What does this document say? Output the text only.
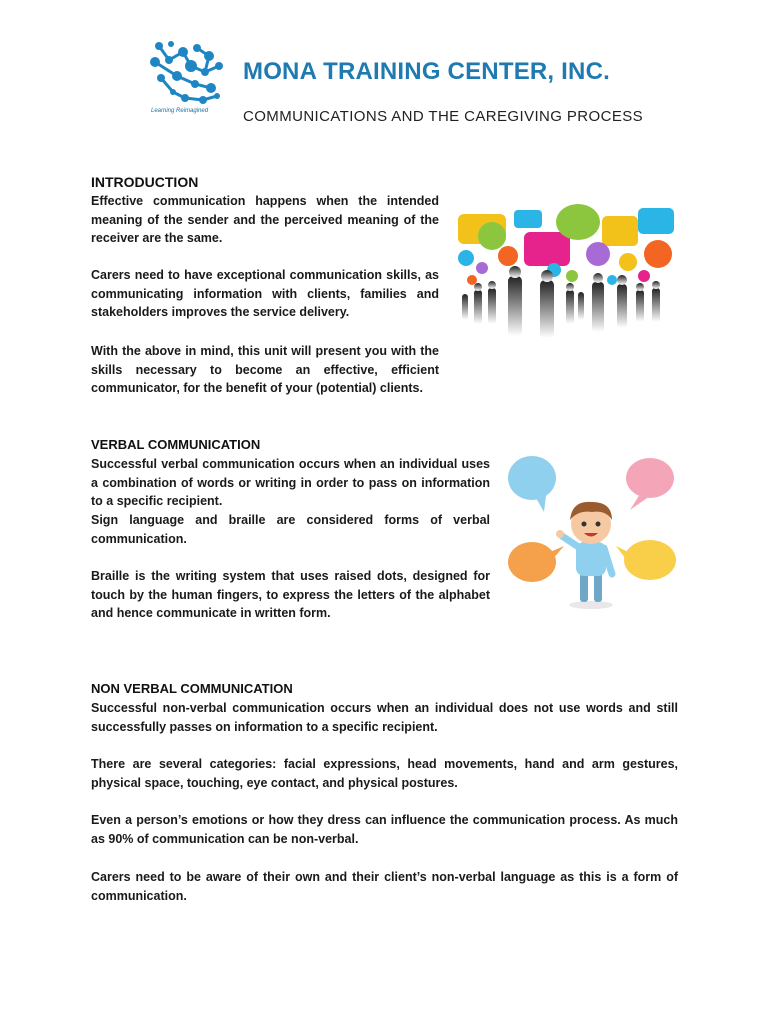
Learning Reimagined
MONA TRAINING CENTER, INC.
COMMUNICATIONS AND THE CAREGIVING PROCESS
INTRODUCTION

Effective communication happens when the intended meaning of the sender and the perceived meaning of the receiver are the same.

Carers need to have exceptional communication skills, as communicating information with clients, families and stakeholders improves the service delivery.

With the above in mind, this unit will present you with the skills necessary to become an effective, efficient communicator, for the benefit of your (potential) clients.

VERBAL COMMUNICATION

Successful verbal communication occurs when an individual uses a combination of words or writing in order to pass on information to a specific recipient.

Sign language and braille are considered forms of verbal communication.

Braille is the writing system that uses raised dots, designed for touch by the human fingers, to express the letters of the alphabet and hence communicate in written form.

NON VERBAL COMMUNICATION

Successful non-verbal communication occurs when an individual does not use words and still successfully passes on information to a specific recipient.

There are several categories: facial expressions, head movements, hand and arm gestures, physical space, touching, eye contact, and physical postures.

Even a person’s emotions or how they dress can influence the communication process. As much as 90% of communication can be non-verbal.

Carers need to be aware of their own and their client’s non-verbal language as this is a form of communication.
